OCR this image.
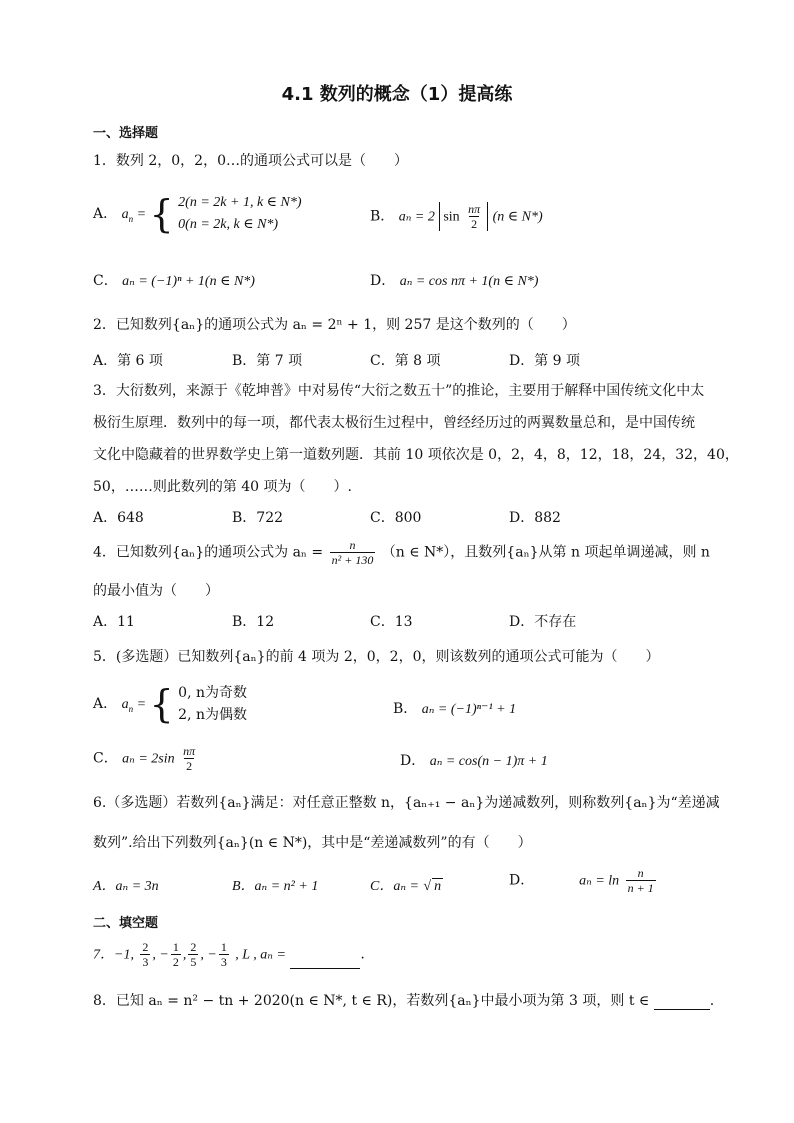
4.1 数列的概念（1）提高练
一、选择题
1．数列 2，0，2，0…的通项公式可以是（　　）
A． $a_n$ = { 2(n = 2k + 1, k ∈ N*)
0(n = 2k, k ∈ N*)	B． aₙ = 2 $\sin \frac{n\pi}{2} (n$ ∈ N*)
C． aₙ = (−1)ⁿ + 1(n ∈ N*)	D． aₙ = cos nπ + 1(n ∈ N*)
2．已知数列{aₙ}的通项公式为 aₙ = 2ⁿ + 1，则 257 是这个数列的（　　）
A．第 6 项	B．第 7 项	C．第 8 项	D．第 9 项
3．大衍数列，来源于《乾坤普》中对易传“大衍之数五十”的推论，主要用于解释中国传统文化中太
极衍生原理．数列中的每一项，都代表太极衍生过程中，曾经经历过的两翼数量总和，是中国传统
文化中隐藏着的世界数学史上第一道数列题．其前 10 项依次是 0，2，4，8，12，18，24，32，40，
50，……则此数列的第 40 项为（　　）.
A．648	B．722	C．800	D．882
4．已知数列{aₙ}的通项公式为 $a_n = \frac{n}{\text{n² + 130}} (n$ ∈ N*），且数列{aₙ}从第 n 项起单调递减，则 n
的最小值为（　　）
A．11	B．12	C．13	D．不存在
5．(多选题）已知数列{aₙ}的前 4 项为 2，0，2，0，则该数列的通项公式可能为（　　）
A． $a_n$ = { 0, n为奇数
2, n为偶数	B． aₙ = (−1)ⁿ⁻¹ + 1
C． $a_n = 2\sin \frac{n\pi}{2}$	D． aₙ = cos(n − 1)π + 1
6.（多选题）若数列{aₙ}满足：对任意正整数 n，{aₙ₊₁ − aₙ}为递减数列，则称数列{aₙ}为“差递减
数列”.给出下列数列{aₙ}(n ∈ N*)，其中是“差递减数列”的有（　　）
A．aₙ = 3n	B．aₙ = n² + 1	C．aₙ = √ n	D．	$a_n = \ln \frac{n}{n + 1}$
二、填空题
7．−1, $\frac{2}{3}$ , − $\frac{1}{2}$ , $\frac{2}{5}$ , − $\frac{1}{3}$ , L , aₙ =	.
8．已知 aₙ = n² − tn + 2020(n ∈ N*, t ∈ R)，若数列{aₙ}中最小项为第 3 项，则 t ∈	.
